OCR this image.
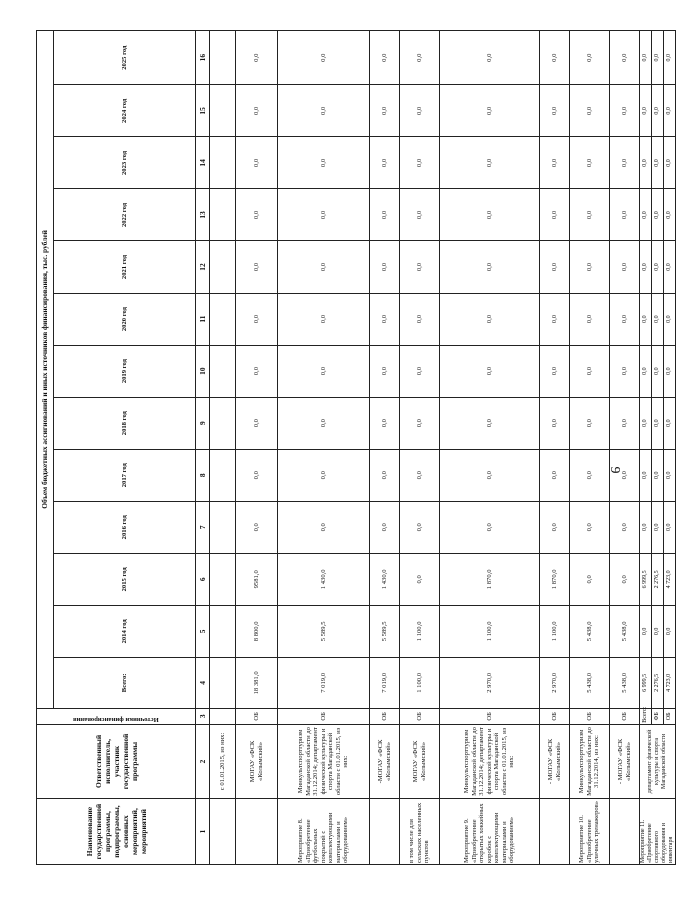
9
Наименование государственной программы, подпрограммы, основных мероприятий, мероприятий	Ответственный исполнитель, участник государственной программы	Источники финансирования	Объем бюджетных ассигнований и иных источников финансирования, тыс. рублей												
			Всего:	2014 год	2015 год	2016 год	2017 год	2018 год	2019 год	2020 год	2021 год	2022 год	2023 год	2024 год	2025 год
1	2	3	4	5	6	7	8	9	10	11	12	13	14	15	16
	с 01.01.2015, из них:														
	МОГАУ «ФСК «Колымский»	ОБ	18 381,0	8 800,0	9581,0	0,0	0,0	0,0	0,0	0,0	0,0	0,0	0,0	0,0	0,0
Мероприятие 8. «Приобретение футбольных покрытий с комплектующими материалами и оборудованием»	Минкультспорттуризм Магаданской области до 31.12.2014; департамент физической культуры и спорта Магаданской области с 01.01.2015, из них:	ОБ	7 019,0	5 589,5	1 430,0	0,0	0,0	0,0	0,0	0,0	0,0	0,0	0,0	0,0	0,0
	-МОГАУ «ФСК «Колымский»	ОБ	7 019,0	5 589,5	1 430,0	0,0	0,0	0,0	0,0	0,0	0,0	0,0	0,0	0,0	0,0
в том числе для сельских населенных пунктов	МОГАУ «ФСК «Колымский»	ОБ	1 100,0	1 100,0	0,0	0,0	0,0	0,0	0,0	0,0	0,0	0,0	0,0	0,0	0,0
Мероприятие 9. «Приобретение открытых хоккейных коробок с комплектующими материалами и оборудованием»	Минкультспорттуризм Магаданской области до 31.12.2014; департамент физической культуры и спорта Магаданской области с 01.01.2015, из них:	ОБ	2 970,0	1 100,0	1 870,0	0,0	0,0	0,0	0,0	0,0	0,0	0,0	0,0	0,0	0,0
	- МОГАУ «ФСК «Колымский»	ОБ	2 970,0	1 100,0	1 870,0	0,0	0,0	0,0	0,0	0,0	0,0	0,0	0,0	0,0	0,0
Мероприятие 10. «Приобретение уличных тренажеров»	Минкультспорттуризм Магаданской области до 31.12.2014, из них:	ОБ	5 438,0	5 438,0	0,0	0,0	0,0	0,0	0,0	0,0	0,0	0,0	0,0	0,0	0,0
	- МОГАУ «ФСК «Колымский»	ОБ	5 438,0	5 438,0	0,0	0,0	0,0	0,0	0,0	0,0	0,0	0,0	0,0	0,0	0,0
Мероприятие 11. «Приобретение спортивного оборудования и инвентаря	департамент физической культуры и спорта Магаданской области	Всего:	6 999,5	0,0	6 999,5	0,0	0,0	0,0	0,0	0,0	0,0	0,0	0,0	0,0	0,0
		ФБ	2 276,5	0,0	2 276,5	0,0	0,0	0,0	0,0	0,0	0,0	0,0	0,0	0,0	0,0
		ОБ	4 723,0	0,0	4 723,0	0,0	0,0	0,0	0,0	0,0	0,0	0,0	0,0	0,0	0,0
